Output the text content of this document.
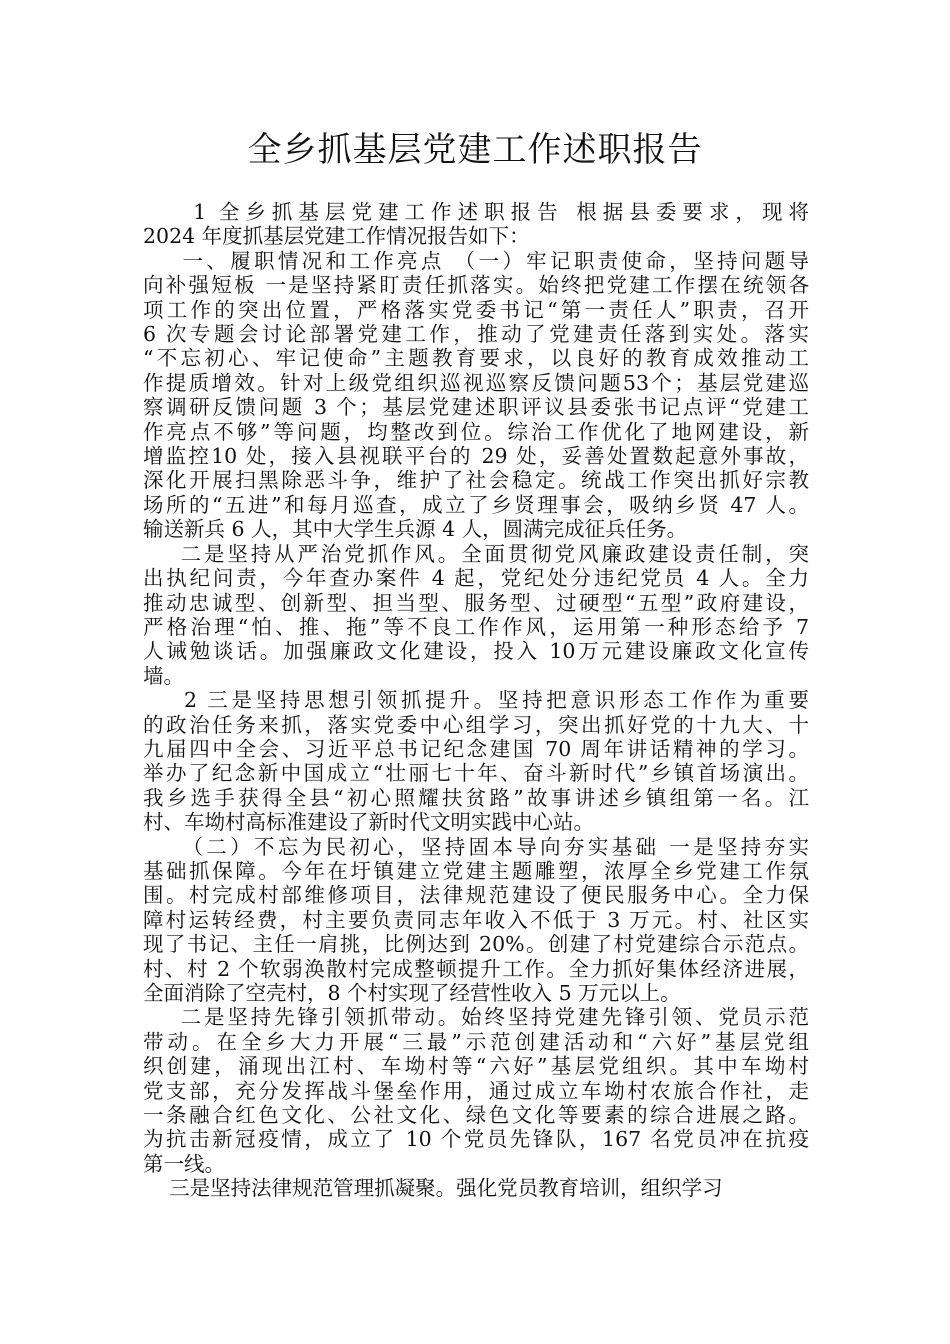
全乡抓基层党建工作述职报告

1 全乡抓基层党建工作述职报告 根据县委要求，现将
2024 年度抓基层党建工作情况报告如下：

一、履职情况和工作亮点 （一）牢记职责使命，坚持问题导
向补强短板 一是坚持紧盯责任抓落实。始终把党建工作摆在统领各
项工作的突出位置，严格落实党委书记“第一责任人”职责，召开
6 次专题会讨论部署党建工作，推动了党建责任落到实处。落实
“不忘初心、牢记使命”主题教育要求，以良好的教育成效推动工
作提质增效。针对上级党组织巡视巡察反馈问题53个；基层党建巡
察调研反馈问题 3 个；基层党建述职评议县委张书记点评“党建工
作亮点不够”等问题，均整改到位。综治工作优化了地网建设，新
增监控10 处，接入县视联平台的 29 处，妥善处置数起意外事故，
深化开展扫黑除恶斗争，维护了社会稳定。统战工作突出抓好宗教
场所的“五进”和每月巡查，成立了乡贤理事会，吸纳乡贤 47 人。
输送新兵 6 人，其中大学生兵源 4 人，圆满完成征兵任务。

二是坚持从严治党抓作风。全面贯彻党风廉政建设责任制，突
出执纪问责，今年查办案件 4 起，党纪处分违纪党员 4 人。全力
推动忠诚型、创新型、担当型、服务型、过硬型“五型”政府建设，
严格治理“怕、推、拖”等不良工作作风，运用第一种形态给予 7
人诫勉谈话。加强廉政文化建设，投入 10万元建设廉政文化宣传
墙。

2 三是坚持思想引领抓提升。坚持把意识形态工作作为重要
的政治任务来抓，落实党委中心组学习，突出抓好党的十九大、十
九届四中全会、习近平总书记纪念建国 70 周年讲话精神的学习。
举办了纪念新中国成立“壮丽七十年、奋斗新时代”乡镇首场演出。
我乡选手获得全县“初心照耀扶贫路”故事讲述乡镇组第一名。江
村、车坳村高标准建设了新时代文明实践中心站。

（二）不忘为民初心，坚持固本导向夯实基础 一是坚持夯实
基础抓保障。今年在圩镇建立党建主题雕塑，浓厚全乡党建工作氛
围。村完成村部维修项目，法律规范建设了便民服务中心。全力保
障村运转经费，村主要负责同志年收入不低于 3 万元。村、社区实
现了书记、主任一肩挑，比例达到 20%。创建了村党建综合示范点。
村、村 2 个软弱涣散村完成整顿提升工作。全力抓好集体经济进展，
全面消除了空壳村，8 个村实现了经营性收入 5 万元以上。

二是坚持先锋引领抓带动。始终坚持党建先锋引领、党员示范
带动。在全乡大力开展“三最”示范创建活动和“六好”基层党组
织创建，涌现出江村、车坳村等“六好”基层党组织。其中车坳村
党支部，充分发挥战斗堡垒作用，通过成立车坳村农旅合作社，走
一条融合红色文化、公社文化、绿色文化等要素的综合进展之路。
为抗击新冠疫情，成立了 10 个党员先锋队，167 名党员冲在抗疫
第一线。

三是坚持法律规范管理抓凝聚。强化党员教育培训，组织学习
